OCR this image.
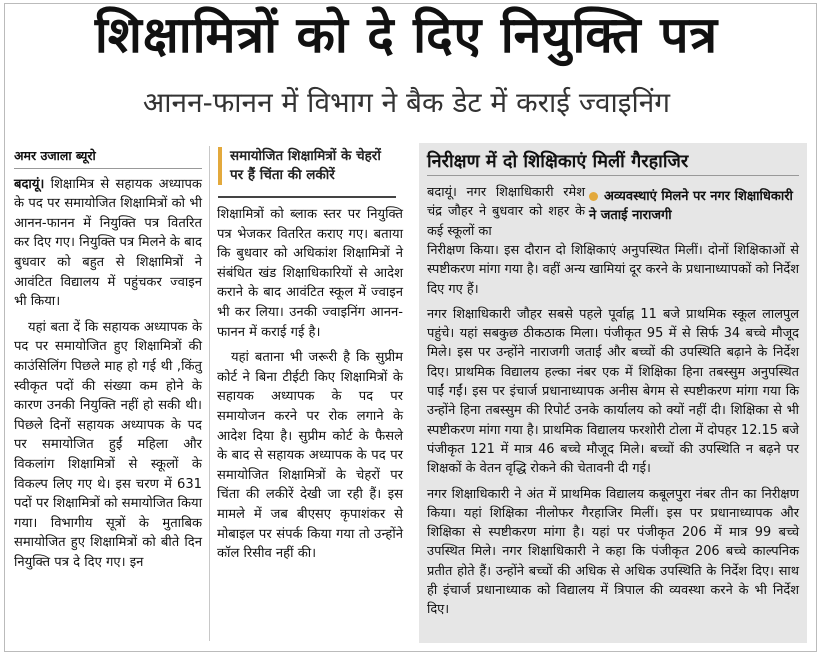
शिक्षामित्रों को दे दिए नियुक्ति पत्र
आनन-फानन में विभाग ने बैक डेट में कराई ज्वाइनिंग

अमर उजाला ब्यूरो

बदायूं। शिक्षामित्र से सहायक अध्यापक के पद पर समायोजित शिक्षामित्रों को भी आनन-फानन में नियुक्ति पत्र वितरित कर दिए गए। नियुक्ति पत्र मिलने के बाद बुधवार को बहुत से शिक्षामित्रों ने आवंटित विद्यालय में पहुंचकर ज्वाइन भी किया।

यहां बता दें कि सहायक अध्यापक के पद पर समायोजित हुए शिक्षामित्रों की काउंसिलिंग पिछले माह हो गई थी ,किंतु स्वीकृत पदों की संख्या कम होने के कारण उनकी नियुक्ति नहीं हो सकी थी। पिछले दिनों सहायक अध्यापक के पद पर समायोजित हुईं महिला और विकलांग शिक्षामित्रों से स्कूलों के विकल्प लिए गए थे। इस चरण में 631 पदों पर शिक्षामित्रों को समायोजित किया गया। विभागीय सूत्रों के मुताबिक समायोजित हुए शिक्षामित्रों को बीते दिन नियुक्ति पत्र दे दिए गए। इन

समायोजित शिक्षामित्रों के चेहरों पर हैं चिंता की लकीरें

शिक्षामित्रों को ब्लाक स्तर पर नियुक्ति पत्र भेजकर वितरित कराए गए। बताया कि बुधवार को अधिकांश शिक्षामित्रों ने संबंधित खंड शिक्षाधिकारियों से आदेश कराने के बाद आवंटित स्कूल में ज्वाइन भी कर लिया। उनकी ज्वाइनिंग आनन-फानन में कराई गई है।

यहां बताना भी जरूरी है कि सुप्रीम कोर्ट ने बिना टीईटी किए शिक्षामित्रों के सहायक अध्यापक के पद पर समायोजन करने पर रोक लगाने के आदेश दिया है। सुप्रीम कोर्ट के फैसले के बाद से सहायक अध्यापक के पद पर समायोजित शिक्षामित्रों के चेहरों पर चिंता की लकीरें देखी जा रही हैं। इस मामले में जब बीएसए कृपाशंकर से मोबाइल पर संपर्क किया गया तो उन्होंने कॉल रिसीव नहीं की।

निरीक्षण में दो शिक्षिकाएं मिलीं गैरहाजिर
अव्यवस्थाएं मिलने पर नगर शिक्षाधिकारी ने जताई नाराजगी
बदायूं। नगर शिक्षाधिकारी रमेश चंद्र जौहर ने बुधवार को शहर के कई स्कूलों का

निरीक्षण किया। इस दौरान दो शिक्षिकाएं अनुपस्थित मिलीं। दोनों शिक्षिकाओं से स्पष्टीकरण मांगा गया है। वहीं अन्य खामियां दूर करने के प्रधानाध्यापकों को निर्देश दिए गए हैं।

नगर शिक्षाधिकारी जौहर सबसे पहले पूर्वाह्न 11 बजे प्राथमिक स्कूल लालपुल पहुंचे। यहां सबकुछ ठीकठाक मिला। पंजीकृत 95 में से सिर्फ 34 बच्चे मौजूद मिले। इस पर उन्होंने नाराजगी जताई और बच्चों की उपस्थिति बढ़ाने के निर्देश दिए। प्राथमिक विद्यालय हल्का नंबर एक में शिक्षिका हिना तबस्सुम अनुपस्थित पाईं गईं। इस पर इंचार्ज प्रधानाध्यापक अनीस बेगम से स्पष्टीकरण मांगा गया कि उन्होंने हिना तबस्सुम की रिपोर्ट उनके कार्यालय को क्यों नहीं दी। शिक्षिका से भी स्पष्टीकरण मांगा गया है। प्राथमिक विद्यालय फरशोरी टोला में दोपहर 12.15 बजे पंजीकृत 121 में मात्र 46 बच्चे मौजूद मिले। बच्चों की उपस्थिति न बढ़ने पर शिक्षकों के वेतन वृद्धि रोकने की चेतावनी दी गई।

नगर शिक्षाधिकारी ने अंत में प्राथमिक विद्यालय कबूलपुरा नंबर तीन का निरीक्षण किया। यहां शिक्षिका नीलोफर गैरहाजिर मिलीं। इस पर प्रधानाध्यापक और शिक्षिका से स्पष्टीकरण मांगा है। यहां पर पंजीकृत 206 में मात्र 99 बच्चे उपस्थित मिले। नगर शिक्षाधिकारी ने कहा कि पंजीकृत 206 बच्चे काल्पनिक प्रतीत होते हैं। उन्होंने बच्चों की अधिक से अधिक उपस्थिति के निर्देश दिए। साथ ही इंचार्ज प्रधानाध्याक को विद्यालय में त्रिपाल की व्यवस्था करने के भी निर्देश दिए।
